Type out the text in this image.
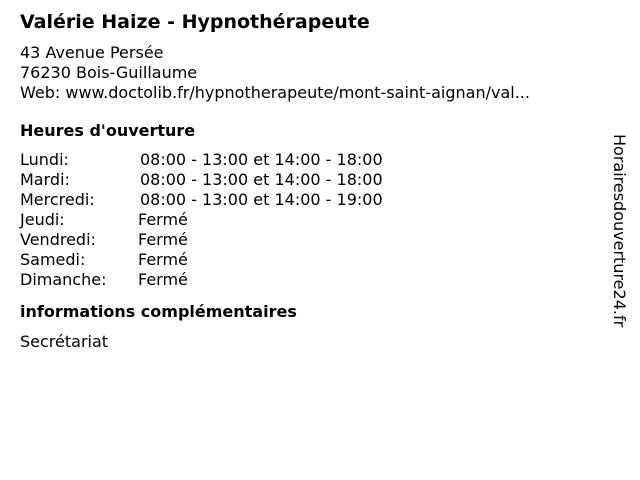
Valérie Haize - Hypnothérapeute
43 Avenue Persée
76230 Bois-Guillaume
Web: www.doctolib.fr/hypnotherapeute/mont-saint-aignan/val...
Heures d'ouverture
Lundi:	08:00 - 13:00 et 14:00 - 18:00
Mardi:	08:00 - 13:00 et 14:00 - 18:00
Mercredi:	08:00 - 13:00 et 14:00 - 19:00
Jeudi:	Fermé
Vendredi:	Fermé
Samedi:	Fermé
Dimanche: Fermé
informations complémentaires
Secrétariat
Horairesdouverture24.fr
